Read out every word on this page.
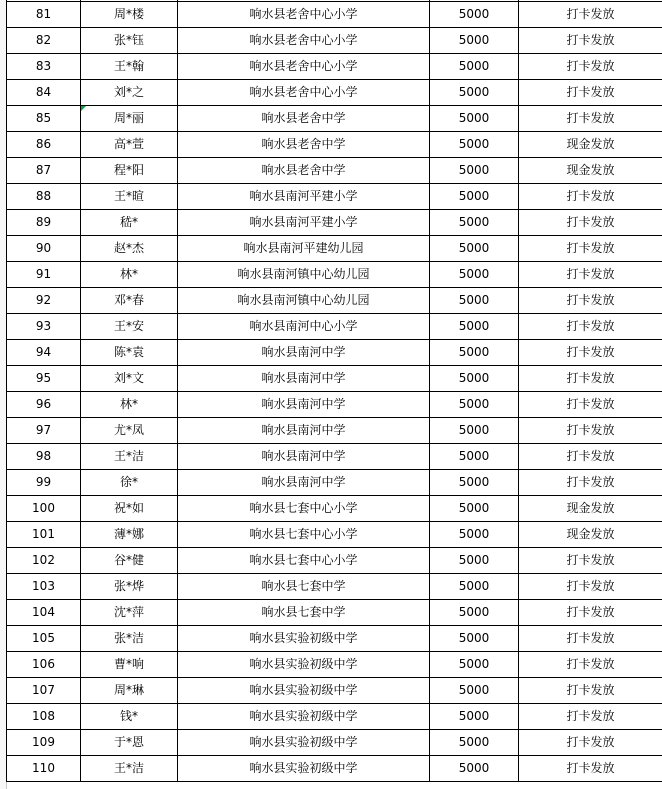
81	周*楼	响水县老舍中心小学	5000	打卡发放
82	张*钰	响水县老舍中心小学	5000	打卡发放
83	王*翰	响水县老舍中心小学	5000	打卡发放
84	刘*之	响水县老舍中心小学	5000	打卡发放
85	周*丽	响水县老舍中学	5000	打卡发放
86	高*萱	响水县老舍中学	5000	现金发放
87	程*阳	响水县老舍中学	5000	现金发放
88	王*暄	响水县南河平建小学	5000	打卡发放
89	嵇*	响水县南河平建小学	5000	打卡发放
90	赵*杰	响水县南河平建幼儿园	5000	打卡发放
91	林*	响水县南河镇中心幼儿园	5000	打卡发放
92	邓*春	响水县南河镇中心幼儿园	5000	打卡发放
93	王*安	响水县南河中心小学	5000	打卡发放
94	陈*袁	响水县南河中学	5000	打卡发放
95	刘*文	响水县南河中学	5000	打卡发放
96	林*	响水县南河中学	5000	打卡发放
97	尤*凤	响水县南河中学	5000	打卡发放
98	王*洁	响水县南河中学	5000	打卡发放
99	徐*	响水县南河中学	5000	打卡发放
100	祝*如	响水县七套中心小学	5000	现金发放
101	薄*娜	响水县七套中心小学	5000	现金发放
102	谷*健	响水县七套中心小学	5000	打卡发放
103	张*烨	响水县七套中学	5000	打卡发放
104	沈*萍	响水县七套中学	5000	打卡发放
105	张*洁	响水县实验初级中学	5000	打卡发放
106	曹*响	响水县实验初级中学	5000	打卡发放
107	周*琳	响水县实验初级中学	5000	打卡发放
108	钱*	响水县实验初级中学	5000	打卡发放
109	于*恩	响水县实验初级中学	5000	打卡发放
110	王*洁	响水县实验初级中学	5000	打卡发放
